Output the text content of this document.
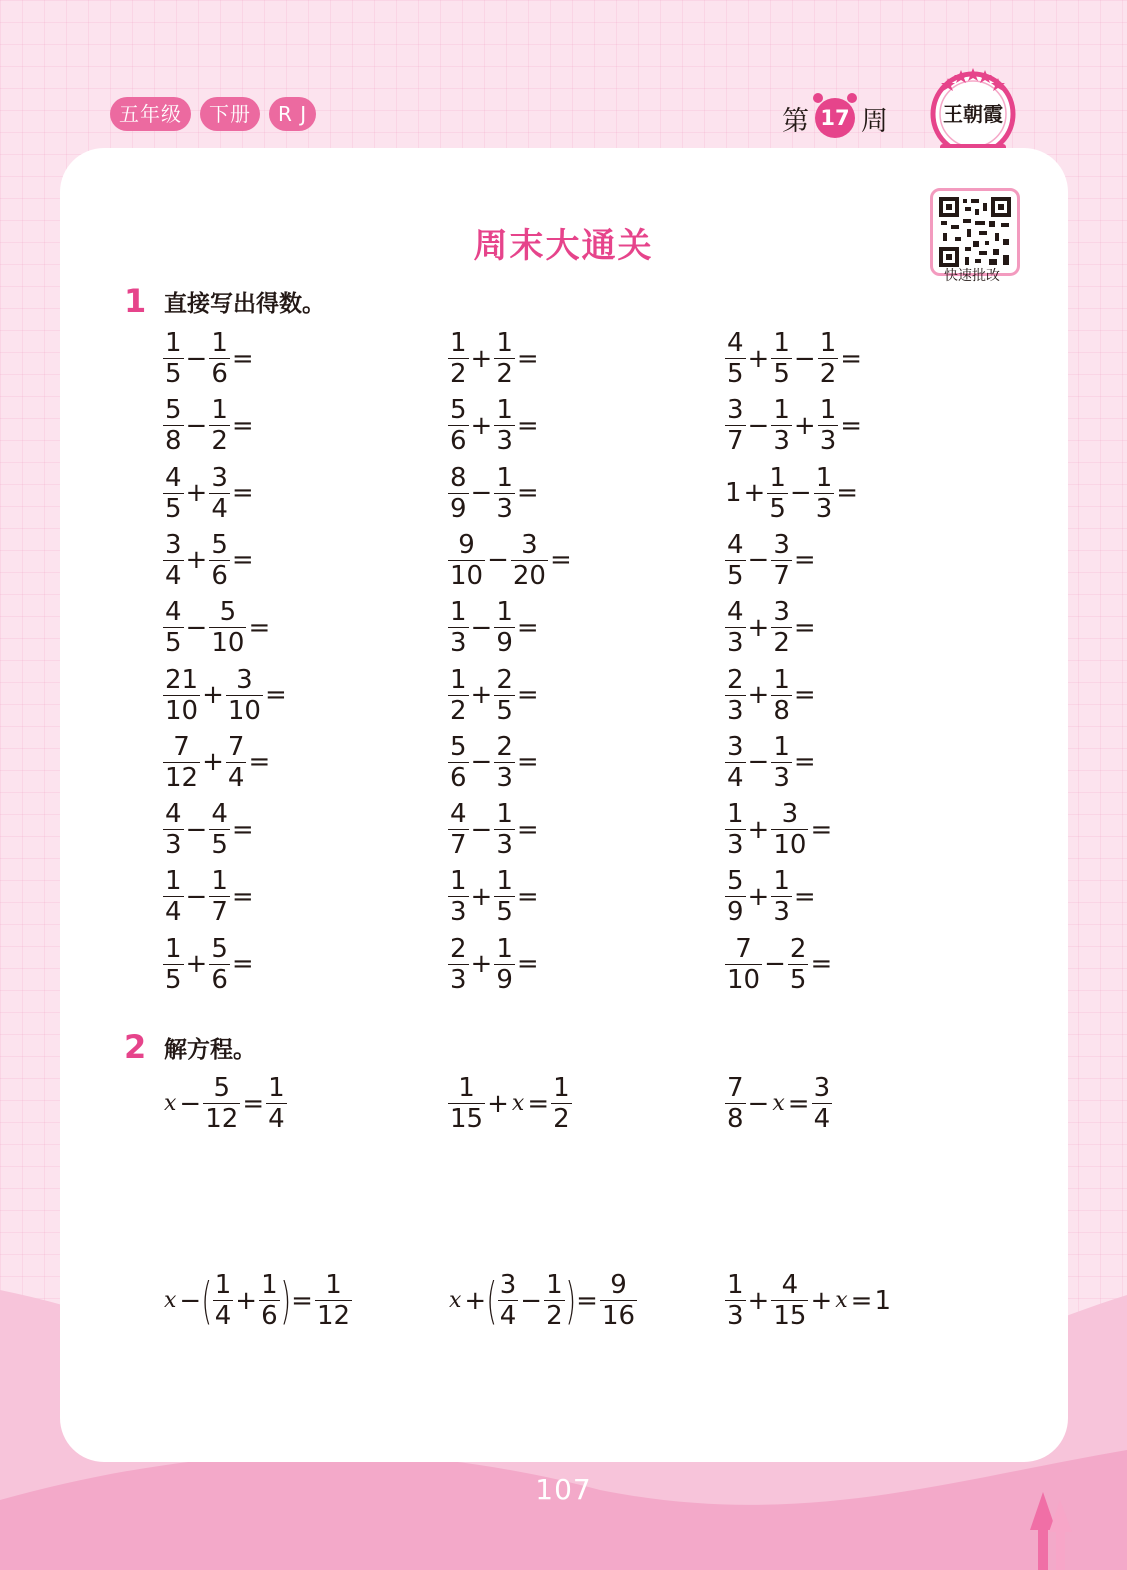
五年级	下册	R J	第 17 周	王朝霞
周末大通关
快速批改
1 直接写出得数。
$\frac{1}{5} - \frac{1}{6}$ =
$\frac{5}{8} - \frac{1}{2}$ =
$\frac{4}{5} + \frac{3}{4}$ =
$\frac{3}{4} + \frac{5}{6}$ =
$\frac{4}{5} - \frac{5}{10}$ =
$\frac{21}{10} + \frac{3}{10}$ =
$\frac{7}{12} + \frac{7}{4}$ =
$\frac{4}{3} - \frac{4}{5}$ =
$\frac{1}{4} - \frac{1}{7}$ =
$\frac{1}{5} + \frac{5}{6}$ =
$\frac{1}{2} + \frac{1}{2}$ =
$\frac{5}{6} + \frac{1}{3}$ =
$\frac{8}{9} - \frac{1}{3}$ =
$\frac{9}{10} - \frac{3}{20}$ =
$\frac{1}{3} - \frac{1}{9}$ =
$\frac{1}{2} + \frac{2}{5}$ =
$\frac{5}{6} - \frac{2}{3}$ =
$\frac{4}{7} - \frac{1}{3}$ =
$\frac{1}{3} + \frac{1}{5}$ =
$\frac{2}{3} + \frac{1}{9}$ =
$\frac{4}{5} + \frac{1}{5} - \frac{1}{2}$ =
$\frac{3}{7} - \frac{1}{3} + \frac{1}{3}$ =
$1 + \frac{1}{5} - \frac{1}{3}$ =
$\frac{4}{5} - \frac{3}{7}$ =
$\frac{4}{3} + \frac{3}{2}$ =
$\frac{2}{3} + \frac{1}{8}$ =
$\frac{3}{4} - \frac{1}{3}$ =
$\frac{1}{3} + \frac{3}{10}$ =
$\frac{5}{9} + \frac{1}{3}$ =
$\frac{7}{10} - \frac{2}{5}$ =
2 解方程。
$x - \frac{5}{12} = \frac{1}{4}$	$\frac{1}{15} + x = \frac{1}{2}$	$\frac{7}{8} - x = \frac{3}{4}$
x − ( $\frac{1}{4} + \frac{1}{6}$ ) = $\frac{1}{12}$	x + ( $\frac{3}{4} - \frac{1}{2}$ ) = $\frac{9}{16}$	$\frac{1}{3} + \frac{4}{15} + x = 1$
107
